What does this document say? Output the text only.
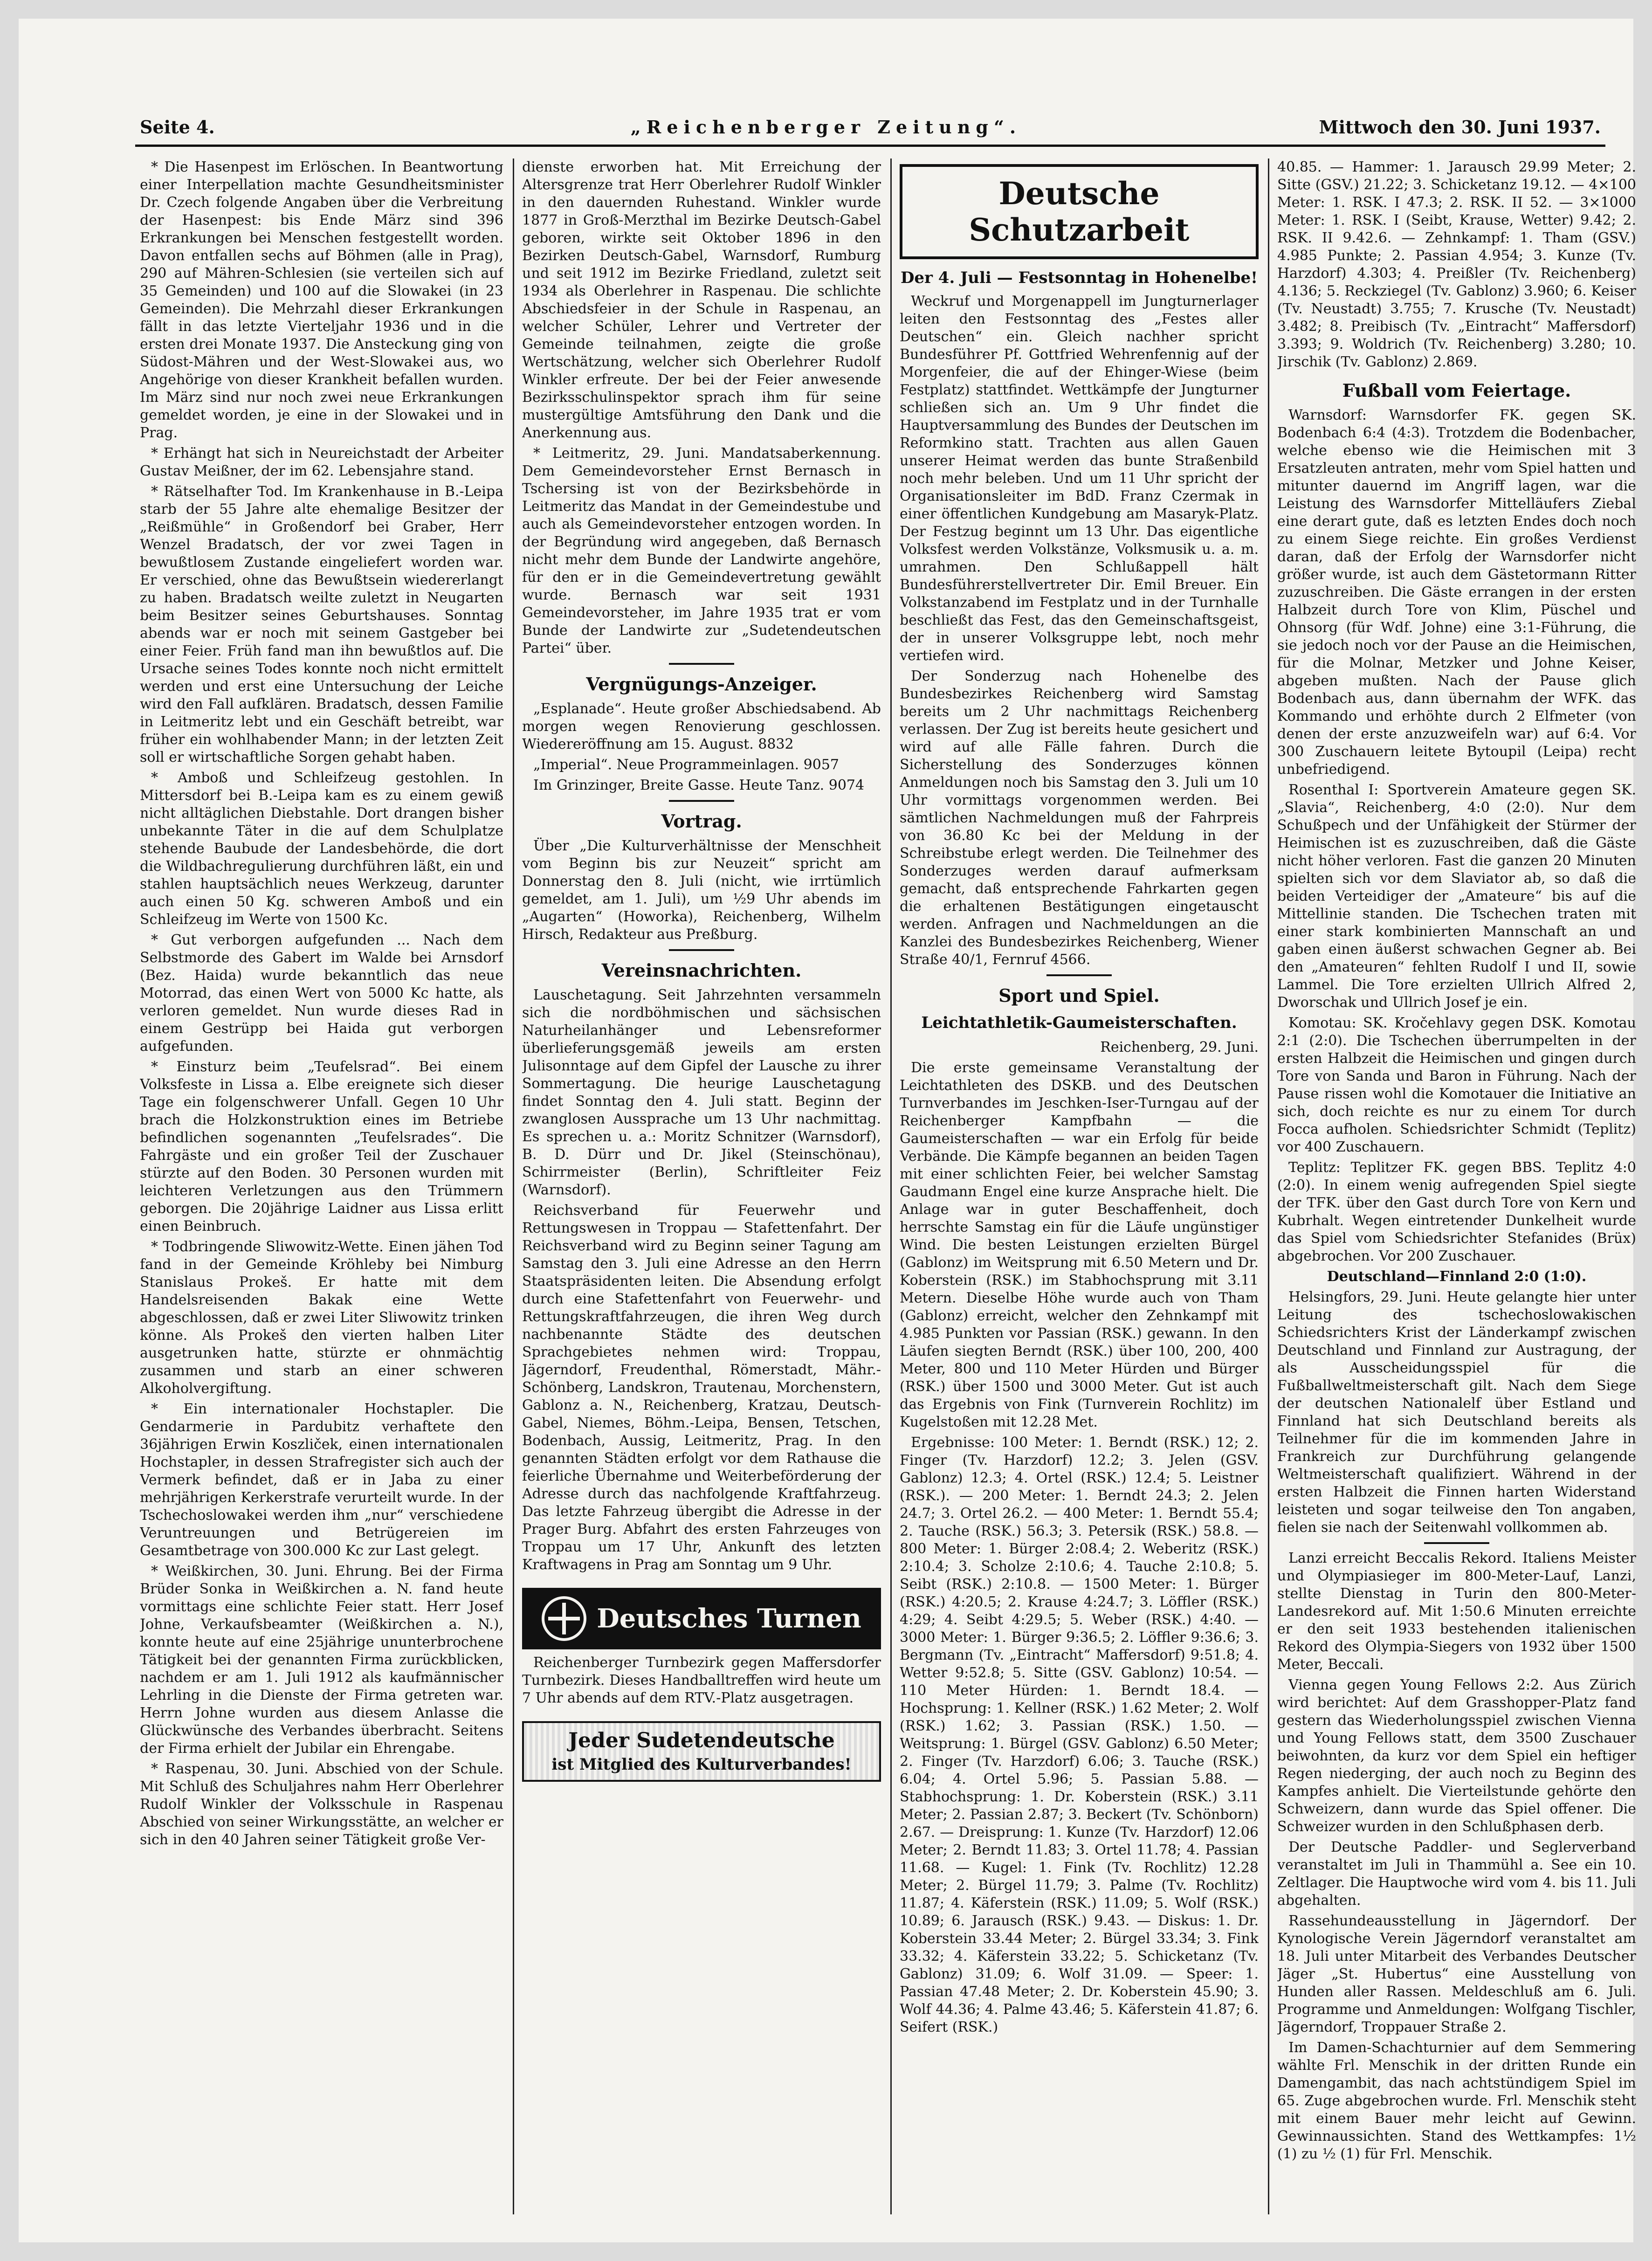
Seite 4.	„Reichenberger Zeitung“.	Mittwoch den 30. Juni 1937.

* Die Hasenpest im Erlöschen. In Beantwortung einer Interpellation machte Gesundheitsminister Dr. Czech folgende Angaben über die Verbreitung der Hasenpest: bis Ende März sind 396 Erkrankungen bei Menschen festgestellt worden. Davon entfallen sechs auf Böhmen (alle in Prag), 290 auf Mähren-Schlesien (sie verteilen sich auf 35 Gemeinden) und 100 auf die Slowakei (in 23 Gemeinden). Die Mehrzahl dieser Erkrankungen fällt in das letzte Vierteljahr 1936 und in die ersten drei Monate 1937. Die Ansteckung ging von Südost-Mähren und der West-Slowakei aus, wo Angehörige von dieser Krankheit befallen wurden. Im März sind nur noch zwei neue Erkrankungen gemeldet worden, je eine in der Slowakei und in Prag.

* Erhängt hat sich in Neureichstadt der Arbeiter Gustav Meißner, der im 62. Lebensjahre stand.

* Rätselhafter Tod. Im Krankenhause in B.-Leipa starb der 55 Jahre alte ehemalige Besitzer der „Reißmühle“ in Großendorf bei Graber, Herr Wenzel Bradatsch, der vor zwei Tagen in bewußtlosem Zustande eingeliefert worden war. Er verschied, ohne das Bewußtsein wiedererlangt zu haben. Bradatsch weilte zuletzt in Neugarten beim Besitzer seines Geburtshauses. Sonntag abends war er noch mit seinem Gastgeber bei einer Feier. Früh fand man ihn bewußtlos auf. Die Ursache seines Todes konnte noch nicht ermittelt werden und erst eine Untersuchung der Leiche wird den Fall aufklären. Bradatsch, dessen Familie in Leitmeritz lebt und ein Geschäft betreibt, war früher ein wohlhabender Mann; in der letzten Zeit soll er wirtschaftliche Sorgen gehabt haben.

* Amboß und Schleifzeug gestohlen. In Mittersdorf bei B.-Leipa kam es zu einem gewiß nicht alltäglichen Diebstahle. Dort drangen bisher unbekannte Täter in die auf dem Schulplatze stehende Baubude der Landesbehörde, die dort die Wildbachregulierung durchführen läßt, ein und stahlen hauptsächlich neues Werkzeug, darunter auch einen 50 Kg. schweren Amboß und ein Schleifzeug im Werte von 1500 Kc.

* Gut verborgen aufgefunden ... Nach dem Selbstmorde des Gabert im Walde bei Arnsdorf (Bez. Haida) wurde bekanntlich das neue Motorrad, das einen Wert von 5000 Kc hatte, als verloren gemeldet. Nun wurde dieses Rad in einem Gestrüpp bei Haida gut verborgen aufgefunden.

* Einsturz beim „Teufelsrad“. Bei einem Volksfeste in Lissa a. Elbe ereignete sich dieser Tage ein folgenschwerer Unfall. Gegen 10 Uhr brach die Holzkonstruktion eines im Betriebe befindlichen sogenannten „Teufelsrades“. Die Fahrgäste und ein großer Teil der Zuschauer stürzte auf den Boden. 30 Personen wurden mit leichteren Verletzungen aus den Trümmern geborgen. Die 20jährige Laidner aus Lissa erlitt einen Beinbruch.

* Todbringende Sliwowitz-Wette. Einen jähen Tod fand in der Gemeinde Kröhleby bei Nimburg Stanislaus Prokeš. Er hatte mit dem Handelsreisenden Bakak eine Wette abgeschlossen, daß er zwei Liter Sliwowitz trinken könne. Als Prokeš den vierten halben Liter ausgetrunken hatte, stürzte er ohnmächtig zusammen und starb an einer schweren Alkoholvergiftung.

* Ein internationaler Hochstapler. Die Gendarmerie in Pardubitz verhaftete den 36jährigen Erwin Koszliček, einen internationalen Hochstapler, in dessen Strafregister sich auch der Vermerk befindet, daß er in Jaba zu einer mehrjährigen Kerkerstrafe verurteilt wurde. In der Tschechoslowakei werden ihm „nur“ verschiedene Veruntreuungen und Betrügereien im Gesamtbetrage von 300.000 Kc zur Last gelegt.

* Weißkirchen, 30. Juni. Ehrung. Bei der Firma Brüder Sonka in Weißkirchen a. N. fand heute vormittags eine schlichte Feier statt. Herr Josef Johne, Verkaufsbeamter (Weißkirchen a. N.), konnte heute auf eine 25jährige ununterbrochene Tätigkeit bei der genannten Firma zurückblicken, nachdem er am 1. Juli 1912 als kaufmännischer Lehrling in die Dienste der Firma getreten war. Herrn Johne wurden aus diesem Anlasse die Glückwünsche des Verbandes überbracht. Seitens der Firma erhielt der Jubilar ein Ehrengabe.

* Raspenau, 30. Juni. Abschied von der Schule. Mit Schluß des Schuljahres nahm Herr Oberlehrer Rudolf Winkler der Volksschule in Raspenau Abschied von seiner Wirkungsstätte, an welcher er sich in den 40 Jahren seiner Tätigkeit große Ver-

dienste erworben hat. Mit Erreichung der Altersgrenze trat Herr Oberlehrer Rudolf Winkler in den dauernden Ruhestand. Winkler wurde 1877 in Groß-Merzthal im Bezirke Deutsch-Gabel geboren, wirkte seit Oktober 1896 in den Bezirken Deutsch-Gabel, Warnsdorf, Rumburg und seit 1912 im Bezirke Friedland, zuletzt seit 1934 als Oberlehrer in Raspenau. Die schlichte Abschiedsfeier in der Schule in Raspenau, an welcher Schüler, Lehrer und Vertreter der Gemeinde teilnahmen, zeigte die große Wertschätzung, welcher sich Oberlehrer Rudolf Winkler erfreute. Der bei der Feier anwesende Bezirksschulinspektor sprach ihm für seine mustergültige Amtsführung den Dank und die Anerkennung aus.

* Leitmeritz, 29. Juni. Mandatsaberkennung. Dem Gemeindevorsteher Ernst Bernasch in Tschersing ist von der Bezirksbehörde in Leitmeritz das Mandat in der Gemeindestube und auch als Gemeindevorsteher entzogen worden. In der Begründung wird angegeben, daß Bernasch nicht mehr dem Bunde der Landwirte angehöre, für den er in die Gemeindevertretung gewählt wurde. Bernasch war seit 1931 Gemeindevorsteher, im Jahre 1935 trat er vom Bunde der Landwirte zur „Sudetendeutschen Partei“ über.

Vergnügungs-Anzeiger.

„Esplanade“. Heute großer Abschiedsabend. Ab morgen wegen Renovierung geschlossen. Wiedereröffnung am 15. August. 8832

„Imperial“. Neue Programmeinlagen. 9057

Im Grinzinger, Breite Gasse. Heute Tanz. 9074

Vortrag.

Über „Die Kulturverhältnisse der Menschheit vom Beginn bis zur Neuzeit“ spricht am Donnerstag den 8. Juli (nicht, wie irrtümlich gemeldet, am 1. Juli), um ½9 Uhr abends im „Augarten“ (Howorka), Reichenberg, Wilhelm Hirsch, Redakteur aus Preßburg.

Vereinsnachrichten.

Lauschetagung. Seit Jahrzehnten versammeln sich die nordböhmischen und sächsischen Naturheilanhänger und Lebensreformer überlieferungsgemäß jeweils am ersten Julisonntage auf dem Gipfel der Lausche zu ihrer Sommertagung. Die heurige Lauschetagung findet Sonntag den 4. Juli statt. Beginn der zwanglosen Aussprache um 13 Uhr nachmittag. Es sprechen u. a.: Moritz Schnitzer (Warnsdorf), B. D. Dürr und Dr. Jikel (Steinschönau), Schirrmeister (Berlin), Schriftleiter Feiz (Warnsdorf).

Reichsverband für Feuerwehr und Rettungswesen in Troppau — Stafettenfahrt. Der Reichsverband wird zu Beginn seiner Tagung am Samstag den 3. Juli eine Adresse an den Herrn Staatspräsidenten leiten. Die Absendung erfolgt durch eine Stafettenfahrt von Feuerwehr- und Rettungskraftfahrzeugen, die ihren Weg durch nachbenannte Städte des deutschen Sprachgebietes nehmen wird: Troppau, Jägerndorf, Freudenthal, Römerstadt, Mähr.-Schönberg, Landskron, Trautenau, Morchenstern, Gablonz a. N., Reichenberg, Kratzau, Deutsch-Gabel, Niemes, Böhm.-Leipa, Bensen, Tetschen, Bodenbach, Aussig, Leitmeritz, Prag. In den genannten Städten erfolgt vor dem Rathause die feierliche Übernahme und Weiterbeförderung der Adresse durch das nachfolgende Kraftfahrzeug. Das letzte Fahrzeug übergibt die Adresse in der Prager Burg. Abfahrt des ersten Fahrzeuges von Troppau um 17 Uhr, Ankunft des letzten Kraftwagens in Prag am Sonntag um 9 Uhr.

Deutsches Turnen

Reichenberger Turnbezirk gegen Maffersdorfer Turnbezirk. Dieses Handballtreffen wird heute um 7 Uhr abends auf dem RTV.-Platz ausgetragen.

Jeder Sudetendeutsche
ist Mitglied des Kulturverbandes!
Deutsche Schutzarbeit
Der 4. Juli — Festsonntag in Hohenelbe!

Weckruf und Morgenappell im Jungturnerlager leiten den Festsonntag des „Festes aller Deutschen“ ein. Gleich nachher spricht Bundesführer Pf. Gottfried Wehrenfennig auf der Morgenfeier, die auf der Ehinger-Wiese (beim Festplatz) stattfindet. Wettkämpfe der Jungturner schließen sich an. Um 9 Uhr findet die Hauptversammlung des Bundes der Deutschen im Reformkino statt. Trachten aus allen Gauen unserer Heimat werden das bunte Straßenbild noch mehr beleben. Und um 11 Uhr spricht der Organisationsleiter im BdD. Franz Czermak in einer öffentlichen Kundgebung am Masaryk-Platz. Der Festzug beginnt um 13 Uhr. Das eigentliche Volksfest werden Volkstänze, Volksmusik u. a. m. umrahmen. Den Schlußappell hält Bundesführerstellvertreter Dir. Emil Breuer. Ein Volkstanzabend im Festplatz und in der Turnhalle beschließt das Fest, das den Gemeinschaftsgeist, der in unserer Volksgruppe lebt, noch mehr vertiefen wird.

Der Sonderzug nach Hohenelbe des Bundesbezirkes Reichenberg wird Samstag bereits um 2 Uhr nachmittags Reichenberg verlassen. Der Zug ist bereits heute gesichert und wird auf alle Fälle fahren. Durch die Sicherstellung des Sonderzuges können Anmeldungen noch bis Samstag den 3. Juli um 10 Uhr vormittags vorgenommen werden. Bei sämtlichen Nachmeldungen muß der Fahrpreis von 36.80 Kc bei der Meldung in der Schreibstube erlegt werden. Die Teilnehmer des Sonderzuges werden darauf aufmerksam gemacht, daß entsprechende Fahrkarten gegen die erhaltenen Bestätigungen eingetauscht werden. Anfragen und Nachmeldungen an die Kanzlei des Bundesbezirkes Reichenberg, Wiener Straße 40/1, Fernruf 4566.

Sport und Spiel.
Leichtathletik-Gaumeisterschaften.

Reichenberg, 29. Juni.

Die erste gemeinsame Veranstaltung der Leichtathleten des DSKB. und des Deutschen Turnverbandes im Jeschken-Iser-Turngau auf der Reichenberger Kampfbahn — die Gaumeisterschaften — war ein Erfolg für beide Verbände. Die Kämpfe begannen an beiden Tagen mit einer schlichten Feier, bei welcher Samstag Gaudmann Engel eine kurze Ansprache hielt. Die Anlage war in guter Beschaffenheit, doch herrschte Samstag ein für die Läufe ungünstiger Wind. Die besten Leistungen erzielten Bürgel (Gablonz) im Weitsprung mit 6.50 Metern und Dr. Koberstein (RSK.) im Stabhochsprung mit 3.11 Metern. Dieselbe Höhe wurde auch von Tham (Gablonz) erreicht, welcher den Zehnkampf mit 4.985 Punkten vor Passian (RSK.) gewann. In den Läufen siegten Berndt (RSK.) über 100, 200, 400 Meter, 800 und 110 Meter Hürden und Bürger (RSK.) über 1500 und 3000 Meter. Gut ist auch das Ergebnis von Fink (Turnverein Rochlitz) im Kugelstoßen mit 12.28 Met.

Ergebnisse: 100 Meter: 1. Berndt (RSK.) 12; 2. Finger (Tv. Harzdorf) 12.2; 3. Jelen (GSV. Gablonz) 12.3; 4. Ortel (RSK.) 12.4; 5. Leistner (RSK.). — 200 Meter: 1. Berndt 24.3; 2. Jelen 24.7; 3. Ortel 26.2. — 400 Meter: 1. Berndt 55.4; 2. Tauche (RSK.) 56.3; 3. Petersik (RSK.) 58.8. — 800 Meter: 1. Bürger 2:08.4; 2. Weberitz (RSK.) 2:10.4; 3. Scholze 2:10.6; 4. Tauche 2:10.8; 5. Seibt (RSK.) 2:10.8. — 1500 Meter: 1. Bürger (RSK.) 4:20.5; 2. Krause 4:24.7; 3. Löffler (RSK.) 4:29; 4. Seibt 4:29.5; 5. Weber (RSK.) 4:40. — 3000 Meter: 1. Bürger 9:36.5; 2. Löffler 9:36.6; 3. Bergmann (Tv. „Eintracht“ Maffersdorf) 9:51.8; 4. Wetter 9:52.8; 5. Sitte (GSV. Gablonz) 10:54. — 110 Meter Hürden: 1. Berndt 18.4. — Hochsprung: 1. Kellner (RSK.) 1.62 Meter; 2. Wolf (RSK.) 1.62; 3. Passian (RSK.) 1.50. — Weitsprung: 1. Bürgel (GSV. Gablonz) 6.50 Meter; 2. Finger (Tv. Harzdorf) 6.06; 3. Tauche (RSK.) 6.04; 4. Ortel 5.96; 5. Passian 5.88. — Stabhochsprung: 1. Dr. Koberstein (RSK.) 3.11 Meter; 2. Passian 2.87; 3. Beckert (Tv. Schönborn) 2.67. — Dreisprung: 1. Kunze (Tv. Harzdorf) 12.06 Meter; 2. Berndt 11.83; 3. Ortel 11.78; 4. Passian 11.68. — Kugel: 1. Fink (Tv. Rochlitz) 12.28 Meter; 2. Bürgel 11.79; 3. Palme (Tv. Rochlitz) 11.87; 4. Käferstein (RSK.) 11.09; 5. Wolf (RSK.) 10.89; 6. Jarausch (RSK.) 9.43. — Diskus: 1. Dr. Koberstein 33.44 Meter; 2. Bürgel 33.34; 3. Fink 33.32; 4. Käferstein 33.22; 5. Schicketanz (Tv. Gablonz) 31.09; 6. Wolf 31.09. — Speer: 1. Passian 47.48 Meter; 2. Dr. Koberstein 45.90; 3. Wolf 44.36; 4. Palme 43.46; 5. Käferstein 41.87; 6. Seifert (RSK.)

40.85. — Hammer: 1. Jarausch 29.99 Meter; 2. Sitte (GSV.) 21.22; 3. Schicketanz 19.12. — 4×100 Meter: 1. RSK. I 47.3; 2. RSK. II 52. — 3×1000 Meter: 1. RSK. I (Seibt, Krause, Wetter) 9.42; 2. RSK. II 9.42.6. — Zehnkampf: 1. Tham (GSV.) 4.985 Punkte; 2. Passian 4.954; 3. Kunze (Tv. Harzdorf) 4.303; 4. Preißler (Tv. Reichenberg) 4.136; 5. Reckziegel (Tv. Gablonz) 3.960; 6. Keiser (Tv. Neustadt) 3.755; 7. Krusche (Tv. Neustadt) 3.482; 8. Preibisch (Tv. „Eintracht“ Maffersdorf) 3.393; 9. Woldrich (Tv. Reichenberg) 3.280; 10. Jirschik (Tv. Gablonz) 2.869.

Fußball vom Feiertage.

Warnsdorf: Warnsdorfer FK. gegen SK. Bodenbach 6:4 (4:3). Trotzdem die Bodenbacher, welche ebenso wie die Heimischen mit 3 Ersatzleuten antraten, mehr vom Spiel hatten und mitunter dauernd im Angriff lagen, war die Leistung des Warnsdorfer Mittelläufers Ziebal eine derart gute, daß es letzten Endes doch noch zu einem Siege reichte. Ein großes Verdienst daran, daß der Erfolg der Warnsdorfer nicht größer wurde, ist auch dem Gästetormann Ritter zuzuschreiben. Die Gäste errangen in der ersten Halbzeit durch Tore von Klim, Püschel und Ohnsorg (für Wdf. Johne) eine 3:1-Führung, die sie jedoch noch vor der Pause an die Heimischen, für die Molnar, Metzker und Johne Keiser, abgeben mußten. Nach der Pause glich Bodenbach aus, dann übernahm der WFK. das Kommando und erhöhte durch 2 Elfmeter (von denen der erste anzuzweifeln war) auf 6:4. Vor 300 Zuschauern leitete Bytoupil (Leipa) recht unbefriedigend.

Rosenthal I: Sportverein Amateure gegen SK. „Slavia“, Reichenberg, 4:0 (2:0). Nur dem Schußpech und der Unfähigkeit der Stürmer der Heimischen ist es zuzuschreiben, daß die Gäste nicht höher verloren. Fast die ganzen 20 Minuten spielten sich vor dem Slaviator ab, so daß die beiden Verteidiger der „Amateure“ bis auf die Mittellinie standen. Die Tschechen traten mit einer stark kombinierten Mannschaft an und gaben einen äußerst schwachen Gegner ab. Bei den „Amateuren“ fehlten Rudolf I und II, sowie Lammel. Die Tore erzielten Ullrich Alfred 2, Dworschak und Ullrich Josef je ein.

Komotau: SK. Kročehlavy gegen DSK. Komotau 2:1 (2:0). Die Tschechen überrumpelten in der ersten Halbzeit die Heimischen und gingen durch Tore von Sanda und Baron in Führung. Nach der Pause rissen wohl die Komotauer die Initiative an sich, doch reichte es nur zu einem Tor durch Focca aufholen. Schiedsrichter Schmidt (Teplitz) vor 400 Zuschauern.

Teplitz: Teplitzer FK. gegen BBS. Teplitz 4:0 (2:0). In einem wenig aufregenden Spiel siegte der TFK. über den Gast durch Tore von Kern und Kubrhalt. Wegen eintretender Dunkelheit wurde das Spiel vom Schiedsrichter Stefanides (Brüx) abgebrochen. Vor 200 Zuschauer.

Deutschland—Finnland 2:0 (1:0).

Helsingfors, 29. Juni. Heute gelangte hier unter Leitung des tschechoslowakischen Schiedsrichters Krist der Länderkampf zwischen Deutschland und Finnland zur Austragung, der als Ausscheidungsspiel für die Fußballweltmeisterschaft gilt. Nach dem Siege der deutschen Nationalelf über Estland und Finnland hat sich Deutschland bereits als Teilnehmer für die im kommenden Jahre in Frankreich zur Durchführung gelangende Weltmeisterschaft qualifiziert. Während in der ersten Halbzeit die Finnen harten Widerstand leisteten und sogar teilweise den Ton angaben, fielen sie nach der Seitenwahl vollkommen ab.

Lanzi erreicht Beccalis Rekord. Italiens Meister und Olympiasieger im 800-Meter-Lauf, Lanzi, stellte Dienstag in Turin den 800-Meter-Landesrekord auf. Mit 1:50.6 Minuten erreichte er den seit 1933 bestehenden italienischen Rekord des Olympia-Siegers von 1932 über 1500 Meter, Beccali.

Vienna gegen Young Fellows 2:2. Aus Zürich wird berichtet: Auf dem Grasshopper-Platz fand gestern das Wiederholungsspiel zwischen Vienna und Young Fellows statt, dem 3500 Zuschauer beiwohnten, da kurz vor dem Spiel ein heftiger Regen niederging, der auch noch zu Beginn des Kampfes anhielt. Die Vierteilstunde gehörte den Schweizern, dann wurde das Spiel offener. Die Schweizer wurden in den Schlußphasen derb.

Der Deutsche Paddler- und Seglerverband veranstaltet im Juli in Thammühl a. See ein 10. Zeltlager. Die Hauptwoche wird vom 4. bis 11. Juli abgehalten.

Rassehundeausstellung in Jägerndorf. Der Kynologische Verein Jägerndorf veranstaltet am 18. Juli unter Mitarbeit des Verbandes Deutscher Jäger „St. Hubertus“ eine Ausstellung von Hunden aller Rassen. Meldeschluß am 6. Juli. Programme und Anmeldungen: Wolfgang Tischler, Jägerndorf, Troppauer Straße 2.

Im Damen-Schachturnier auf dem Semmering wählte Frl. Menschik in der dritten Runde ein Damengambit, das nach achtstündigem Spiel im 65. Zuge abgebrochen wurde. Frl. Menschik steht mit einem Bauer mehr leicht auf Gewinn. Gewinnaussichten. Stand des Wettkampfes: 1½ (1) zu ½ (1) für Frl. Menschik.
